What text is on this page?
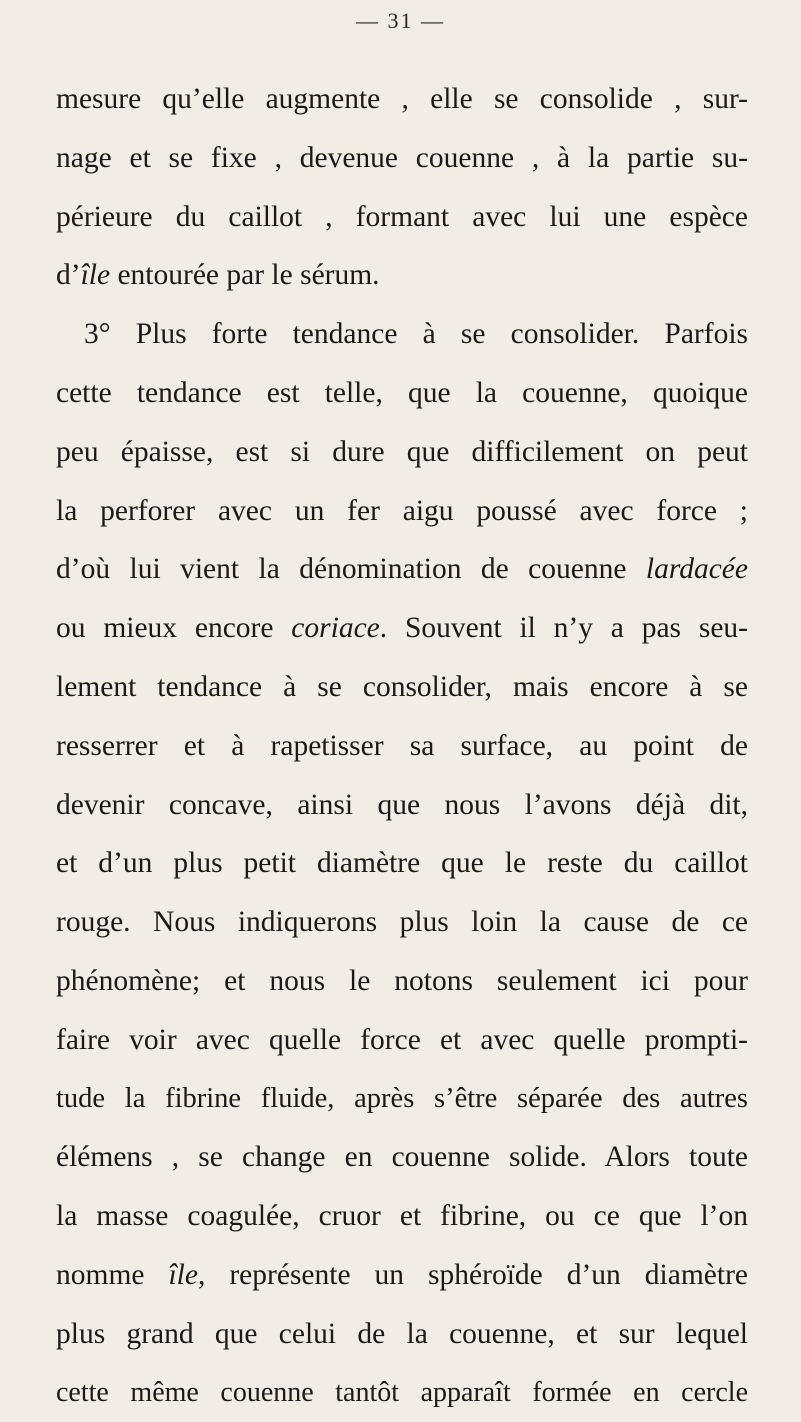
— 31 —
mesure qu’elle augmente , elle se consolide , sur-
nage et se fixe , devenue couenne , à la partie su-
périeure du caillot , formant avec lui une espèce
d’île entourée par le sérum.
3° Plus forte tendance à se consolider. Parfois
cette tendance est telle, que la couenne, quoique
peu épaisse, est si dure que difficilement on peut
la perforer avec un fer aigu poussé avec force ;
d’où lui vient la dénomination de couenne lardacée
ou mieux encore coriace. Souvent il n’y a pas seu-
lement tendance à se consolider, mais encore à se
resserrer et à rapetisser sa surface, au point de
devenir concave, ainsi que nous l’avons déjà dit,
et d’un plus petit diamètre que le reste du caillot
rouge. Nous indiquerons plus loin la cause de ce
phénomène; et nous le notons seulement ici pour
faire voir avec quelle force et avec quelle prompti-
tude la fibrine fluide, après s’être séparée des autres
élémens , se change en couenne solide. Alors toute
la masse coagulée, cruor et fibrine, ou ce que l’on
nomme île, représente un sphéroïde d’un diamètre
plus grand que celui de la couenne, et sur lequel
cette même couenne tantôt apparaît formée en cercle
